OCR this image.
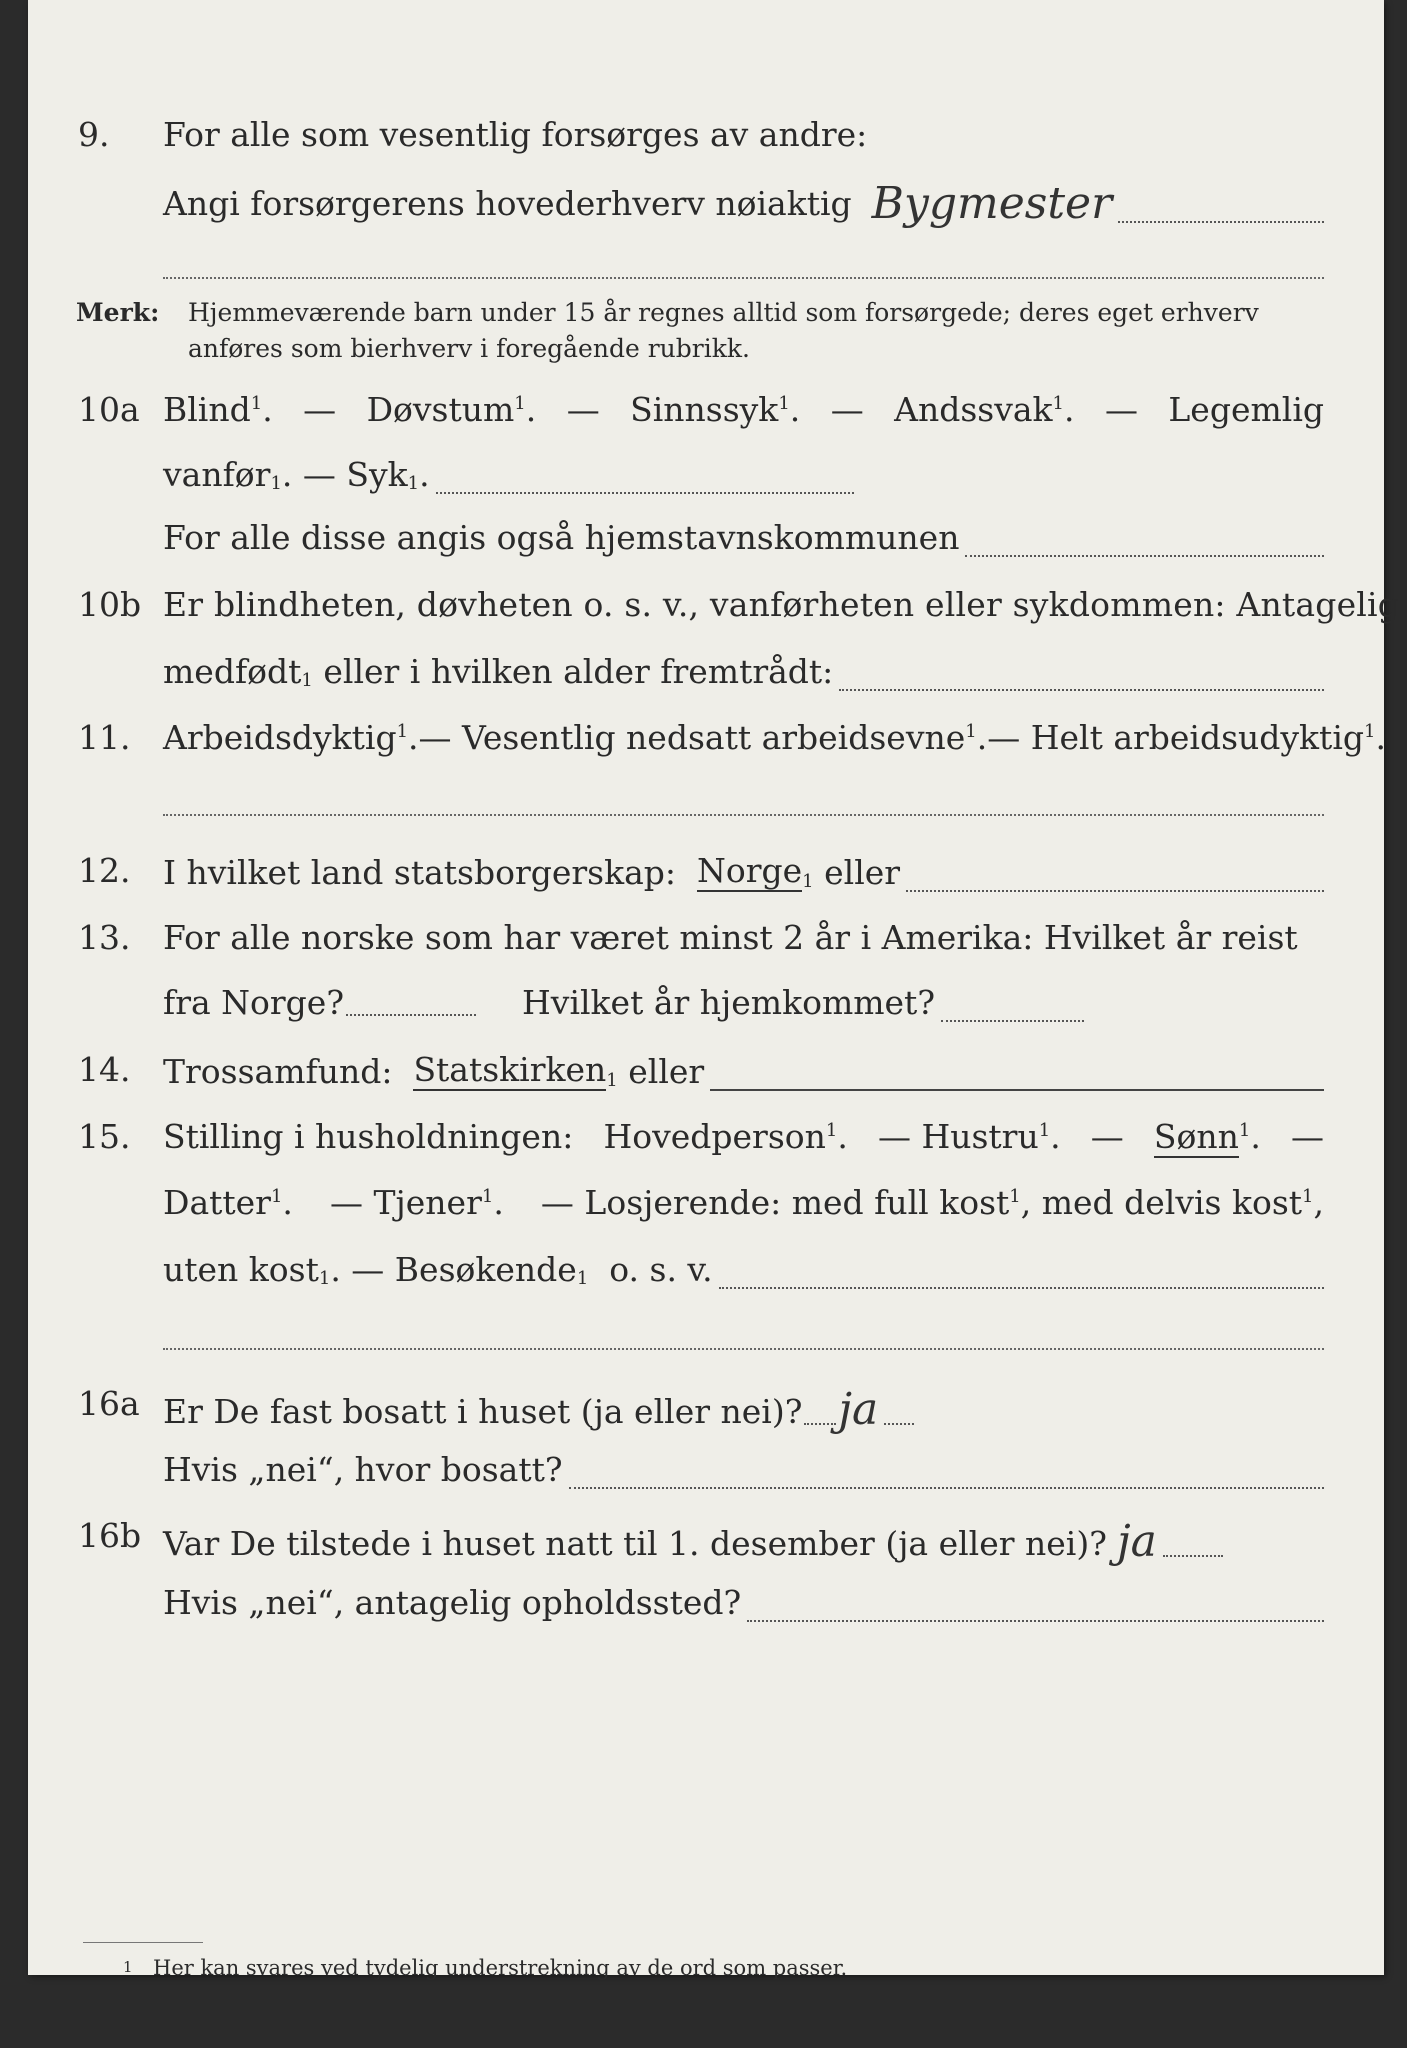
9. For alle som vesentlig forsørges av andre:
Angi forsørgerens hovederhverv nøiaktig Bygmester
Merk: Hjemmeværende barn under 15 år regnes alltid som forsørgede; deres eget erhverv
anføres som bierhverv i foregående rubrikk.
10a Blind$^1$. — Døvstum$^1$. — Sinnssyk$^1$. — Andssvak$^1$. — Legemlig
vanfør 1 . — Syk 1 .
For alle disse angis også hjemstavnskommunen
10b Er blindheten, døvheten o. s. v., vanførheten eller sykdommen: Antagelig
medfødt 1
eller i hvilken alder fremtrådt:
11. Arbeidsdyktig$^1$. — Vesentlig nedsatt arbeidsevne$^1$. — Helt arbeidsudyktig$^1$.
12. I hvilket land statsborgerskap:
Norge 1
eller
13. For alle norske som har været minst 2 år i Amerika: Hvilket år reist
fra Norge?	Hvilket år hjemkommet?
14. Trossamfund:
Statskirken 1
eller
15. Stilling i husholdningen: Hovedperson$^1$. — Hustru$^1$. — Sønn$^1$. —
Datter$^1$. — Tjener$^1$. — Losjerende: med full kost$^1$, med delvis kost$^1$,
uten kost 1 . — Besøkende 1
o. s. v.
16a Er De fast bosatt i huset (ja eller nei)? ja
Hvis „nei“, hvor bosatt?
16b Var De tilstede i huset natt til 1. desember (ja eller nei)? ja
Hvis „nei“, antagelig opholdssted?
1 Her kan svares ved tydelig understrekning av de ord som passer.
